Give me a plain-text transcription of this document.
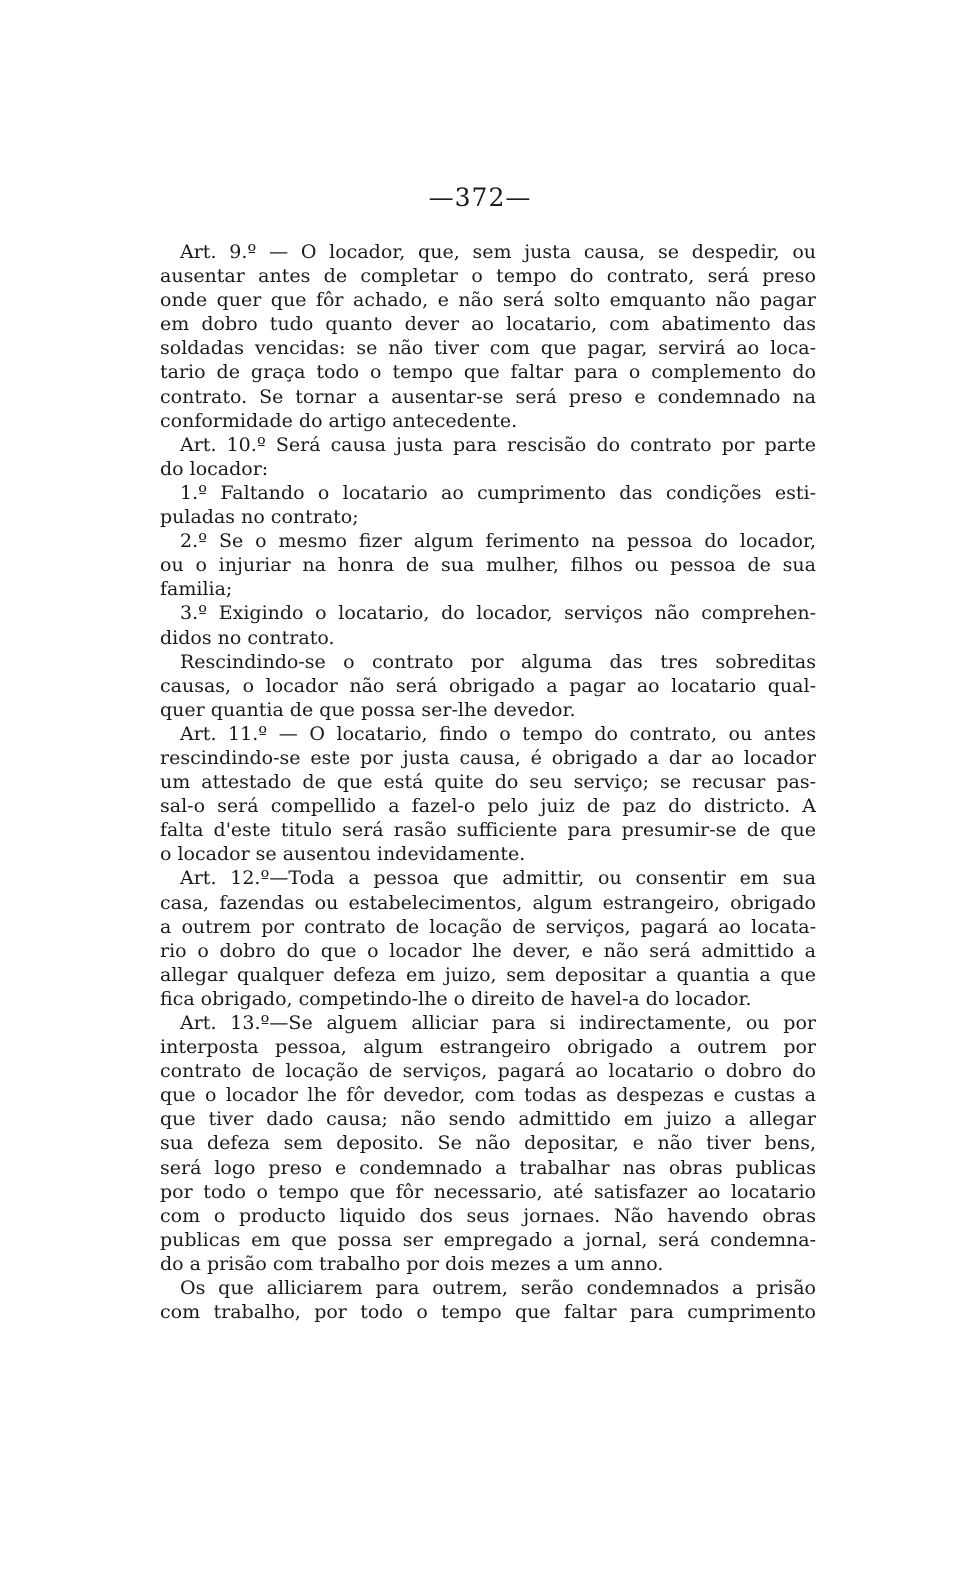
—372—
Art. 9.º — O locador, que, sem justa causa, se despedir, ou
ausentar antes de completar o tempo do contrato, será preso
onde quer que fôr achado, e não será solto emquanto não pagar
em dobro tudo quanto dever ao locatario, com abatimento das
soldadas vencidas: se não tiver com que pagar, servirá ao loca-
tario de graça todo o tempo que faltar para o complemento do
contrato. Se tornar a ausentar-se será preso e condemnado na
conformidade do artigo antecedente.
Art. 10.º Será causa justa para rescisão do contrato por parte
do locador:
1.º Faltando o locatario ao cumprimento das condições esti-
puladas no contrato;
2.º Se o mesmo fizer algum ferimento na pessoa do locador,
ou o injuriar na honra de sua mulher, filhos ou pessoa de sua
familia;
3.º Exigindo o locatario, do locador, serviços não comprehen-
didos no contrato.
Rescindindo-se o contrato por alguma das tres sobreditas
causas, o locador não será obrigado a pagar ao locatario qual-
quer quantia de que possa ser-lhe devedor.
Art. 11.º — O locatario, findo o tempo do contrato, ou antes
rescindindo-se este por justa causa, é obrigado a dar ao locador
um attestado de que está quite do seu serviço; se recusar pas-
sal-o será compellido a fazel-o pelo juiz de paz do districto. A
falta d'este titulo será rasão sufficiente para presumir-se de que
o locador se ausentou indevidamente.
Art. 12.º—Toda a pessoa que admittir, ou consentir em sua
casa, fazendas ou estabelecimentos, algum estrangeiro, obrigado
a outrem por contrato de locação de serviços, pagará ao locata-
rio o dobro do que o locador lhe dever, e não será admittido a
allegar qualquer defeza em juizo, sem depositar a quantia a que
fica obrigado, competindo-lhe o direito de havel-a do locador.
Art. 13.º—Se alguem alliciar para si indirectamente, ou por
interposta pessoa, algum estrangeiro obrigado a outrem por
contrato de locação de serviços, pagará ao locatario o dobro do
que o locador lhe fôr devedor, com todas as despezas e custas a
que tiver dado causa; não sendo admittido em juizo a allegar
sua defeza sem deposito. Se não depositar, e não tiver bens,
será logo preso e condemnado a trabalhar nas obras publicas
por todo o tempo que fôr necessario, até satisfazer ao locatario
com o producto liquido dos seus jornaes. Não havendo obras
publicas em que possa ser empregado a jornal, será condemna-
do a prisão com trabalho por dois mezes a um anno.
Os que alliciarem para outrem, serão condemnados a prisão
com trabalho, por todo o tempo que faltar para cumprimento
